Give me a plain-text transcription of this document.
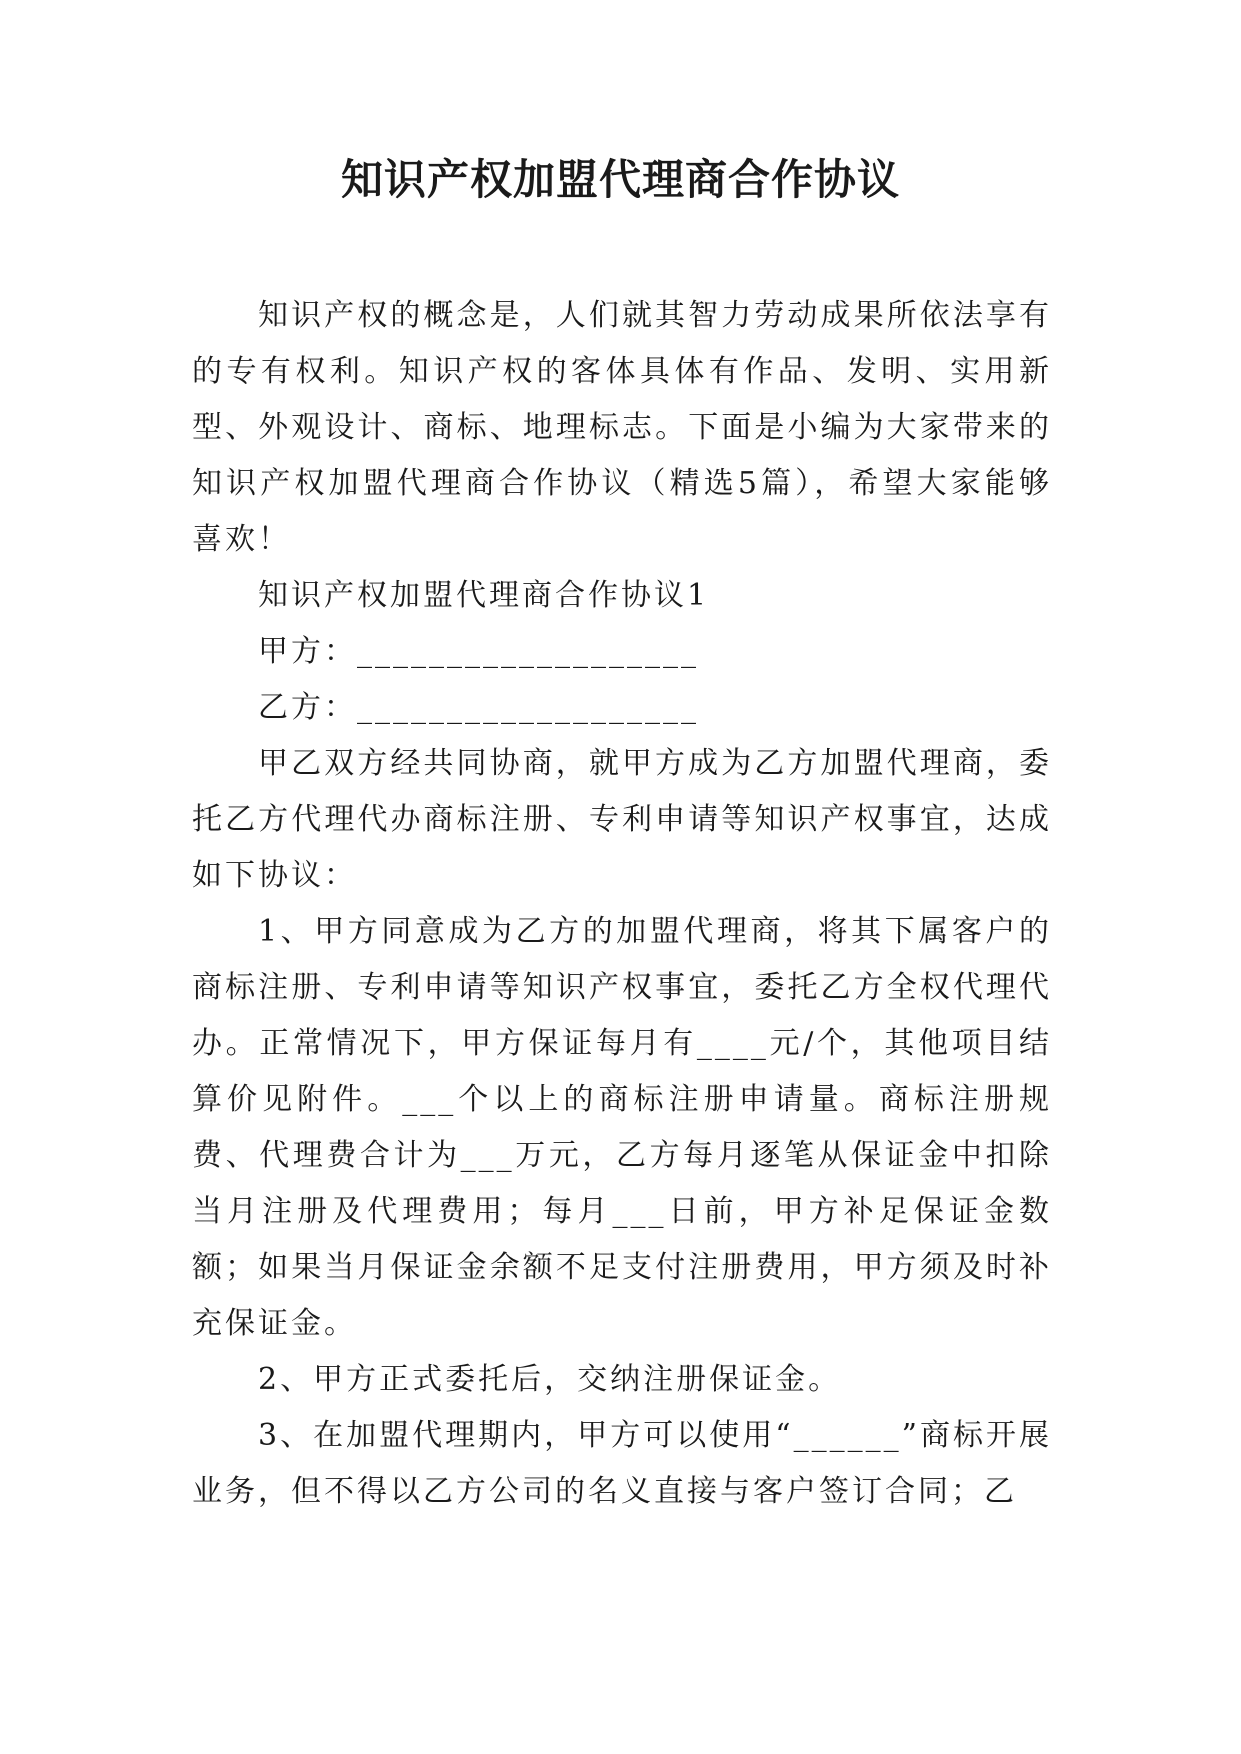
知识产权加盟代理商合作协议

知识产权的概念是，人们就其智力劳动成果所依法享有的专有权利。知识产权的客体具体有作品、发明、实用新型、外观设计、商标、地理标志。下面是小编为大家带来的知识产权加盟代理商合作协议（精选5篇），希望大家能够喜欢！

知识产权加盟代理商合作协议1

甲方：___________________

乙方：___________________

甲乙双方经共同协商，就甲方成为乙方加盟代理商，委托乙方代理代办商标注册、专利申请等知识产权事宜，达成如下协议：

1、甲方同意成为乙方的加盟代理商，将其下属客户的商标注册、专利申请等知识产权事宜，委托乙方全权代理代办。正常情况下，甲方保证每月有____元/个，其他项目结算价见附件。___个以上的商标注册申请量。商标注册规费、代理费合计为___万元，乙方每月逐笔从保证金中扣除当月注册及代理费用；每月___日前，甲方补足保证金数额；如果当月保证金余额不足支付注册费用，甲方须及时补充保证金。

2、甲方正式委托后，交纳注册保证金。

3、在加盟代理期内，甲方可以使用“______”商标开展业务，但不得以乙方公司的名义直接与客户签订合同；乙
